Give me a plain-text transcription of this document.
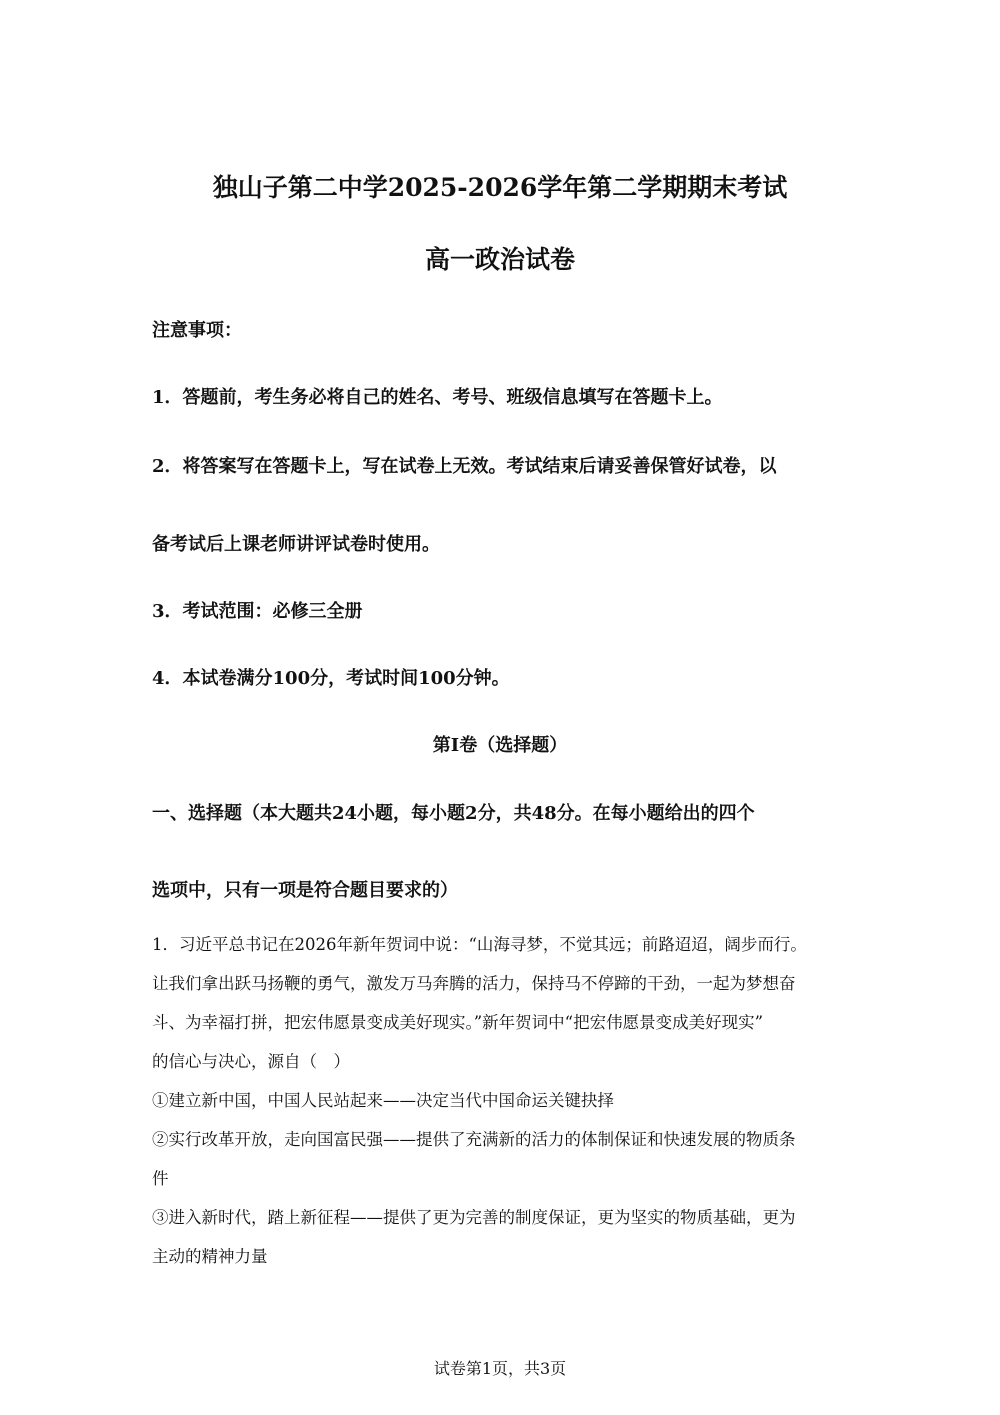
独山子第二中学2025-2026学年第二学期期末考试
高一政治试卷
注意事项：
1．答题前，考生务必将自己的姓名、考号、班级信息填写在答题卡上。
2．将答案写在答题卡上，写在试卷上无效。考试结束后请妥善保管好试卷，以
备考试后上课老师讲评试卷时使用。
3．考试范围：必修三全册
4．本试卷满分100分，考试时间100分钟。
第I卷（选择题）
一、选择题（本大题共24小题，每小题2分，共48分。在每小题给出的四个
选项中，只有一项是符合题目要求的）
1．习近平总书记在2026年新年贺词中说：“山海寻梦，不觉其远；前路迢迢，阔步而行。
让我们拿出跃马扬鞭的勇气，激发万马奔腾的活力，保持马不停蹄的干劲，一起为梦想奋
斗、为幸福打拼，把宏伟愿景变成美好现实。”新年贺词中“把宏伟愿景变成美好现实”
的信心与决心，源自（　）
①建立新中国，中国人民站起来——决定当代中国命运关键抉择
②实行改革开放，走向国富民强——提供了充满新的活力的体制保证和快速发展的物质条
件
③进入新时代，踏上新征程——提供了更为完善的制度保证，更为坚实的物质基础，更为
主动的精神力量
试卷第1页，共3页
